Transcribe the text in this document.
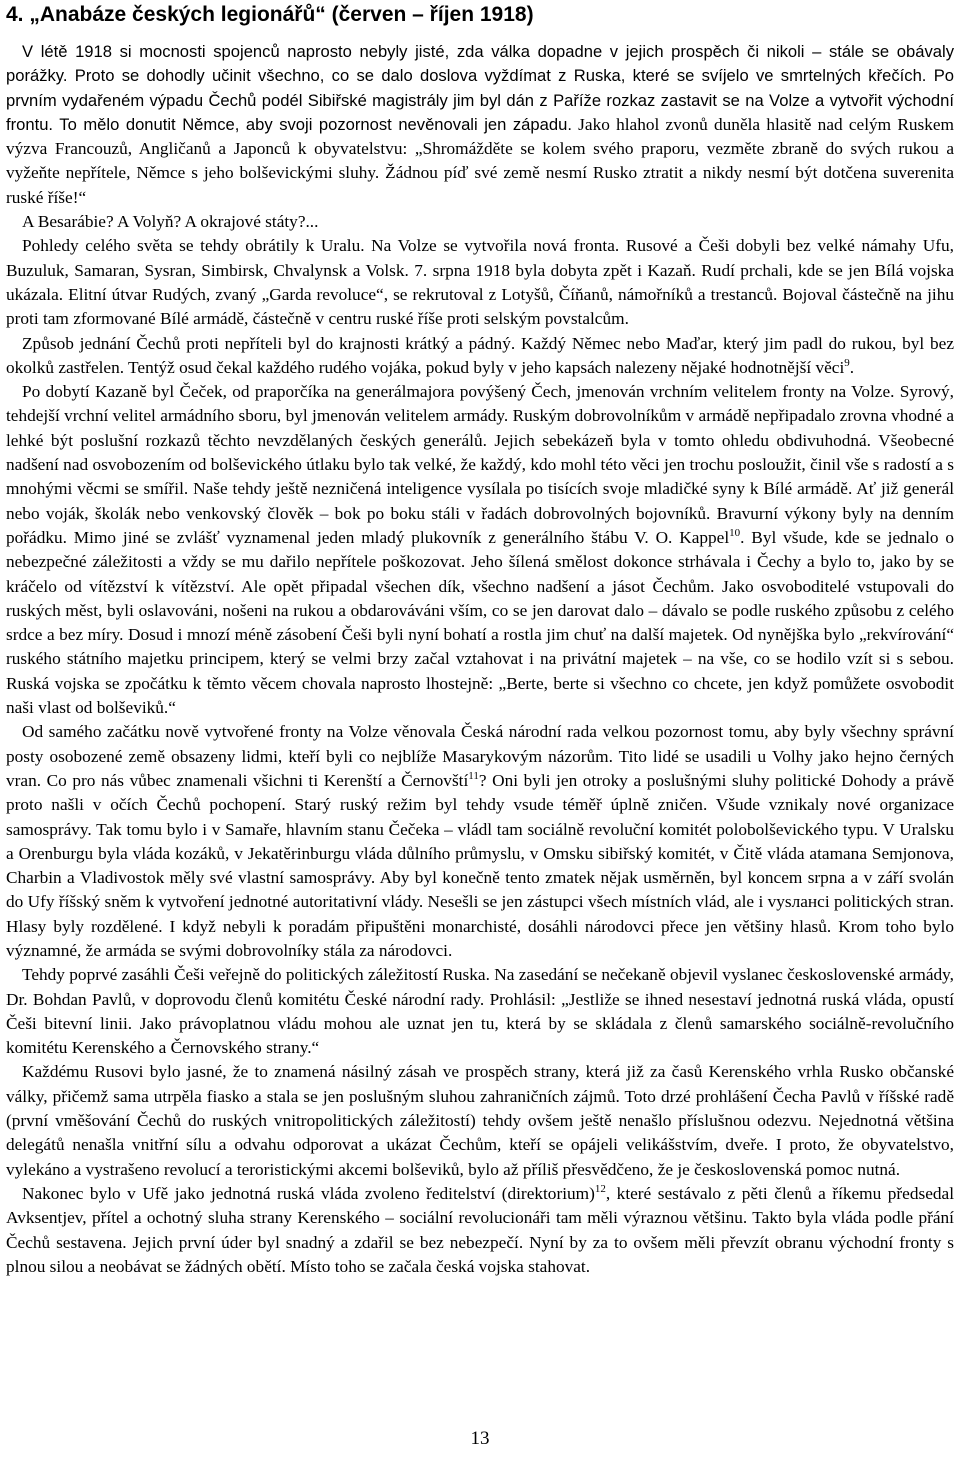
4. „Anabáze českých legionářů“ (červen – říjen 1918)

V létě 1918 si mocnosti spojenců naprosto nebyly jisté, zda válka dopadne v jejich prospěch či nikoli – stále se obávaly porážky. Proto se dohodly učinit všechno, co se dalo doslova vyždímat z Ruska, které se svíjelo ve smrtelných křečích. Po prvním vydařeném výpadu Čechů podél Sibiřské magistrály jim byl dán z Paříže rozkaz zastavit se na Volze a vytvořit východní frontu. To mělo donutit Němce, aby svoji pozornost nevěnovali jen západu. Jako hlahol zvonů duněla hlasitě nad celým Ruskem výzva Francouzů, Angličanů a Japonců k obyvatelstvu: „Shromážděte se kolem svého praporu, vezměte zbraně do svých rukou a vyžeňte nepřítele, Němce s jeho bolševickými sluhy. Žádnou píď své země nesmí Rusko ztratit a nikdy nesmí být dotčena suverenita ruské říše!“

A Besarábie? A Volyň? A okrajové státy?...

Pohledy celého světa se tehdy obrátily k Uralu. Na Volze se vytvořila nová fronta. Rusové a Češi dobyli bez velké námahy Ufu, Buzuluk, Samaran, Sysran, Simbirsk, Chvalynsk a Volsk. 7. srpna 1918 byla dobyta zpět i Kazaň. Rudí prchali, kde se jen Bílá vojska ukázala. Elitní útvar Rudých, zvaný „Garda revoluce“, se rekrutoval z Lotyšů, Číňanů, námořníků a trestanců. Bojoval částečně na jihu proti tam zformované Bílé armádě, částečně v centru ruské říše proti selským povstalcům.

Způsob jednání Čechů proti nepříteli byl do krajnosti krátký a pádný. Každý Němec nebo Maďar, který jim padl do rukou, byl bez okolků zastřelen. Tentýž osud čekal každého rudého vojáka, pokud byly v jeho kapsách nalezeny nějaké hodnotnější věci$^9$.

Po dobytí Kazaně byl Čeček, od praporčíka na generálmajora povýšený Čech, jmenován vrchním velitelem fronty na Volze. Syrový, tehdejší vrchní velitel armádního sboru, byl jmenován velitelem armády. Ruským dobrovolníkům v armádě nepřipadalo zrovna vhodné a lehké být poslušní rozkazů těchto nevzdělaných českých generálů. Jejich sebekázeň byla v tomto ohledu obdivuhodná. Všeobecné nadšení nad osvobozením od bolševického útlaku bylo tak velké, že každý, kdo mohl této věci jen trochu posloužit, činil vše s radostí a s mnohými věcmi se smířil. Naše tehdy ještě nezničená inteligence vysílala po tisících svoje mladičké syny k Bílé armádě. Ať již generál nebo voják, školák nebo venkovský člověk – bok po boku stáli v řadách dobrovolných bojovníků. Bravurní výkony byly na denním pořádku. Mimo jiné se zvlášť vyznamenal jeden mladý plukovník z generálního štábu V. O. Kappel$^{10}$. Byl všude, kde se jednalo o nebezpečné záležitosti a vždy se mu dařilo nepřítele poškozovat. Jeho šílená smělost dokonce strhávala i Čechy a bylo to, jako by se kráčelo od vítězství k vítězství. Ale opět připadal všechen dík, všechno nadšení a jásot Čechům. Jako osvoboditelé vstupovali do ruských měst, byli oslavováni, nošeni na rukou a obdarováváni vším, co se jen darovat dalo – dávalo se podle ruského způsobu z celého srdce a bez míry. Dosud i mnozí méně zásobení Češi byli nyní bohatí a rostla jim chuť na další majetek. Od nynějška bylo „rekvírování“ ruského státního majetku principem, který se velmi brzy začal vztahovat i na privátní majetek – na vše, co se hodilo vzít si s sebou. Ruská vojska se zpočátku k těmto věcem chovala naprosto lhostejně: „Berte, berte si všechno co chcete, jen když pomůžete osvobodit naši vlast od bolševiků.“

Od samého začátku nově vytvořené fronty na Volze věnovala Česká národní rada velkou pozornost tomu, aby byly všechny správní posty osobozené země obsazeny lidmi, kteří byli co nejblíže Masarykovým názorům. Tito lidé se usadili u Volhy jako hejno černých vran. Co pro nás vůbec znamenali všichni ti Kerenští a Černovští$^{11}$? Oni byli jen otroky a poslušnými sluhy politické Dohody a právě proto našli v očích Čechů pochopení. Starý ruský režim byl tehdy vsude téměř úplně zničen. Všude vznikaly nové organizace samosprávy. Tak tomu bylo i v Samaře, hlavním stanu Čečeka – vládl tam sociálně revoluční komitét polobolševického typu. V Uralsku a Orenburgu byla vláda kozáků, v Jekatěrinburgu vláda důlního průmyslu, v Omsku sibiřský komitét, v Čitě vláda atamana Semjonova, Charbin a Vladivostok měly své vlastní samosprávy. Aby byl konečně tento zmatek nějak usměrněn, byl koncem srpna a v září svolán do Ufy říšský sněm k vytvoření jednotné autoritativní vlády. Nesešli se jen zástupci všech místních vlád, ale i vysланci politických stran. Hlasy byly rozdělené. I když nebyli k poradám připuštěni monarchisté, dosáhli národovci přece jen většiny hlasů. Krom toho bylo významné, že armáda se svými dobrovolníky stála za národovci.

Tehdy poprvé zasáhli Češi veřejně do politických záležitostí Ruska. Na zasedání se nečekaně objevil vyslanec československé armády, Dr. Bohdan Pavlů, v doprovodu členů komitétu České národní rady. Prohlásil: „Jestliže se ihned nesestaví jednotná ruská vláda, opustí Češi bitevní linii. Jako právoplatnou vládu mohou ale uznat jen tu, která by se skládala z členů samarského sociálně-revolučního komitétu Kerenského a Černovského strany.“

Každému Rusovi bylo jasné, že to znamená násilný zásah ve prospěch strany, která již za časů Kerenského vrhla Rusko občanské války, přičemž sama utrpěla fiasko a stala se jen poslušným sluhou zahraničních zájmů. Toto drzé prohlášení Čecha Pavlů v říšské radě (první vměšování Čechů do ruských vnitropolitických záležitostí) tehdy ovšem ještě nenašlo příslušnou odezvu. Nejednotná většina delegátů nenašla vnitřní sílu a odvahu odporovat a ukázat Čechům, kteří se opájeli velikášstvím, dveře. I proto, že obyvatelstvo, vylekáno a vystrašeno revolucí a teroristickými akcemi bolševiků, bylo až příliš přesvědčeno, že je československá pomoc nutná.

Nakonec bylo v Ufě jako jednotná ruská vláda zvoleno ředitelství (direktorium)$^{12}$, které sestávalo z pěti členů a říkemu předsedal Avksentjev, přítel a ochotný sluha strany Kerenského – sociální revolucionáři tam měli výraznou většinu. Takto byla vláda podle přání Čechů sestavena. Jejich první úder byl snadný a zdařil se bez nebezpečí. Nyní by za to ovšem měli převzít obranu východní fronty s plnou silou a neobávat se žádných obětí. Místo toho se začala česká vojska stahovat.

13
